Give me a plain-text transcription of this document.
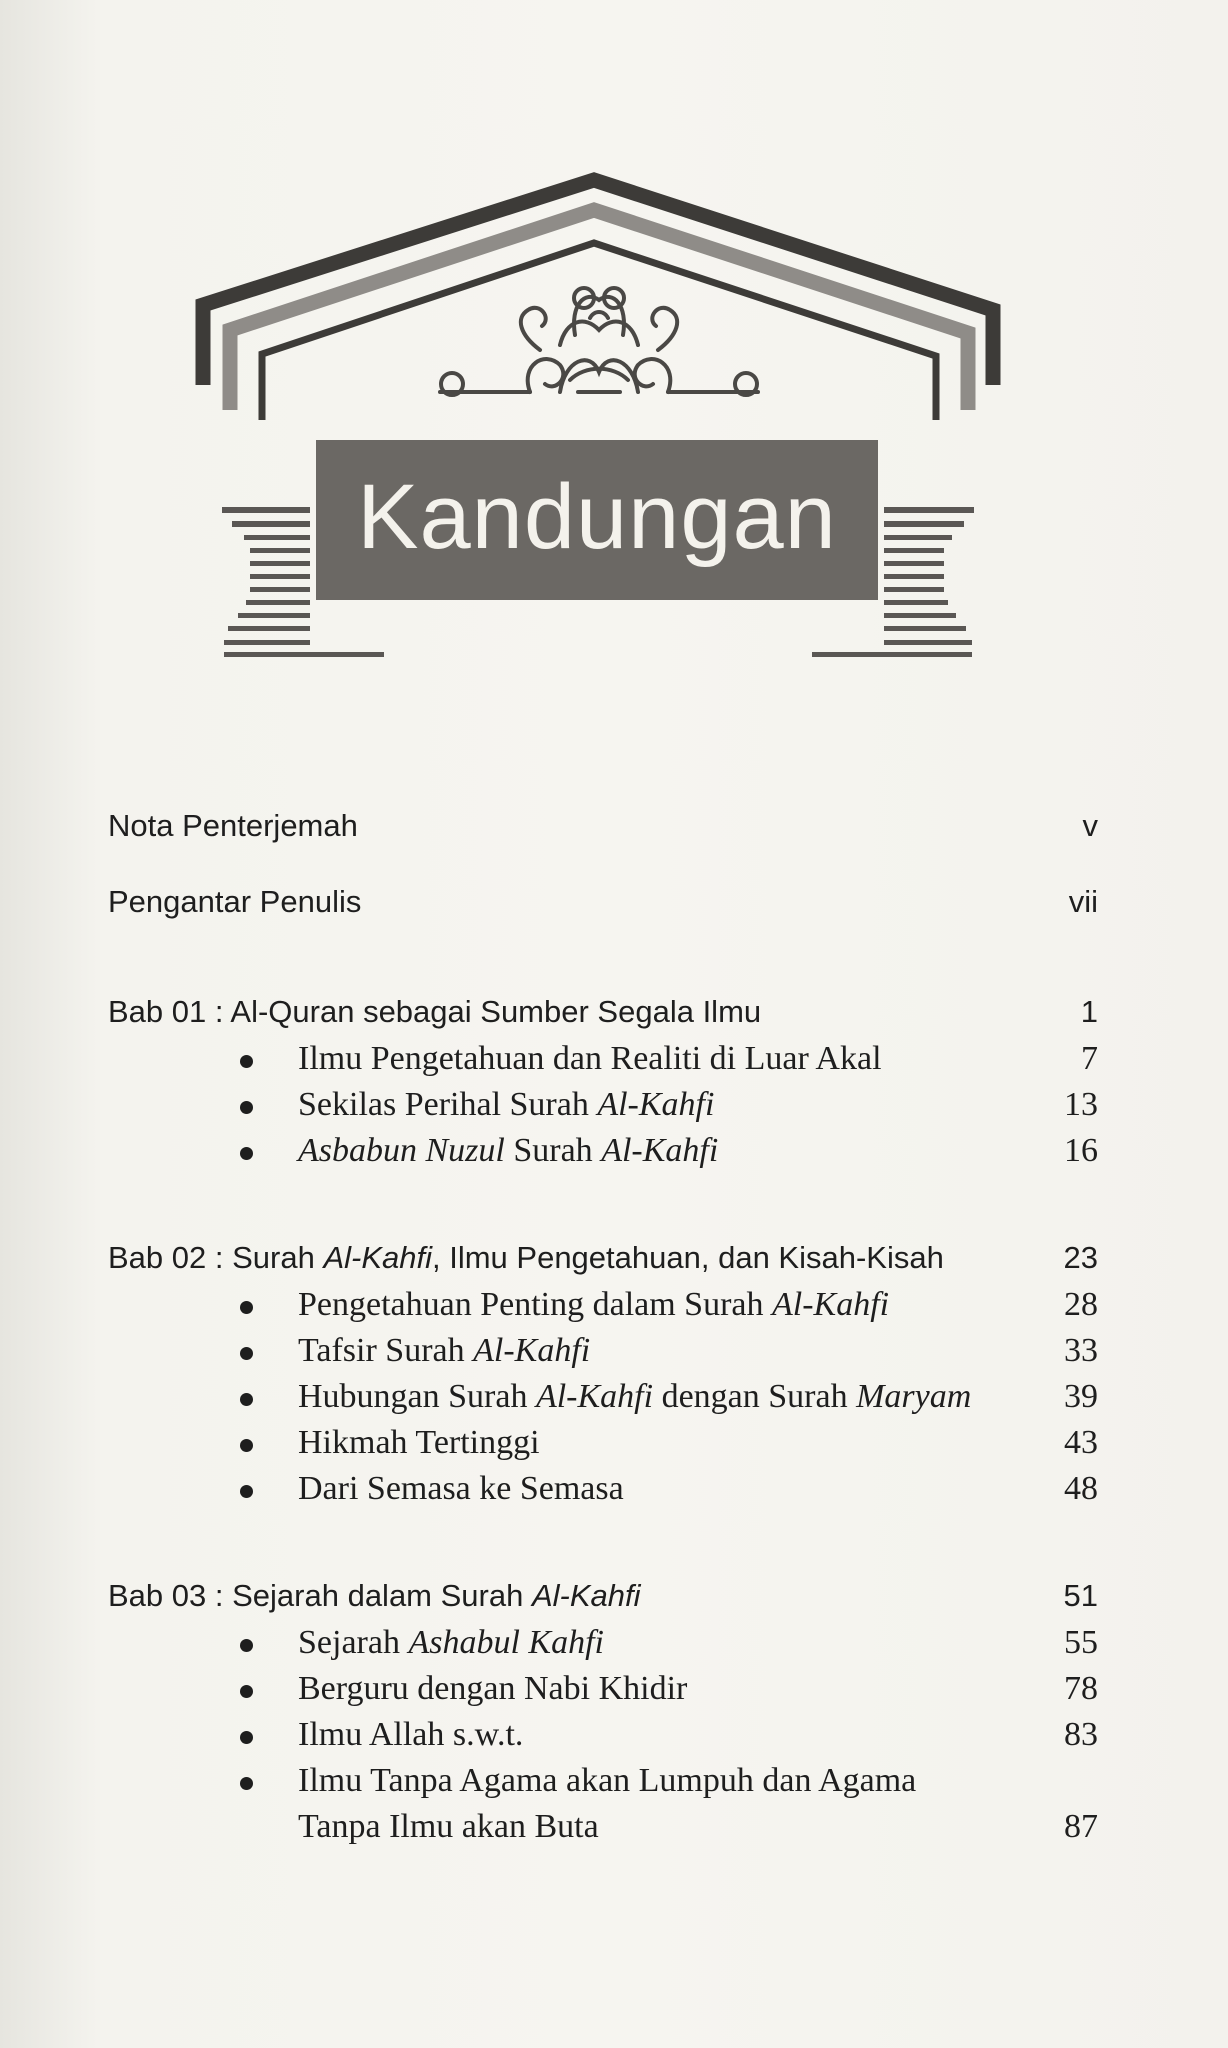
Kandungan
Nota Penterjemah	v
Pengantar Penulis	vii
Bab 01 : Al-Quran sebagai Sumber Segala Ilmu	1
Ilmu Pengetahuan dan Realiti di Luar Akal	7
Sekilas Perihal Surah Al-Kahfi	13
Asbabun Nuzul Surah Al-Kahfi	16
Bab 02 : Surah Al-Kahfi, Ilmu Pengetahuan, dan Kisah-Kisah	23
Pengetahuan Penting dalam Surah Al-Kahfi	28
Tafsir Surah Al-Kahfi	33
Hubungan Surah Al-Kahfi dengan Surah Maryam	39
Hikmah Tertinggi	43
Dari Semasa ke Semasa	48
Bab 03 : Sejarah dalam Surah Al-Kahfi	51
Sejarah Ashabul Kahfi	55
Berguru dengan Nabi Khidir	78
Ilmu Allah s.w.t.	83
Ilmu Tanpa Agama akan Lumpuh dan Agama
Tanpa Ilmu akan Buta	87
